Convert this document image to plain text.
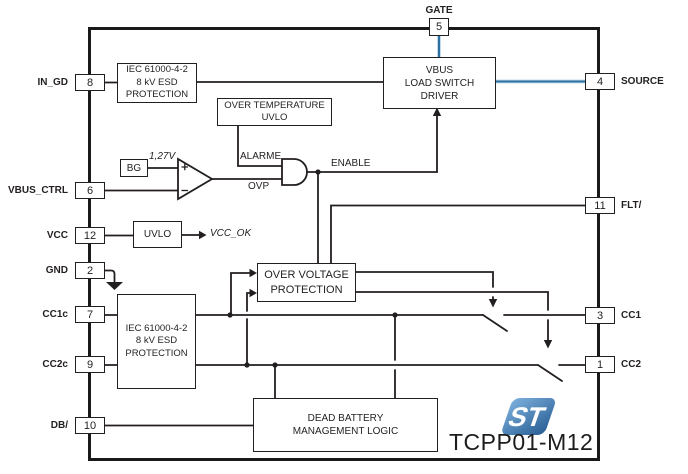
ST
IEC 61000-4-2
8 kV ESD
PROTECTION
OVER TEMPERATURE
UVLO
VBUS
LOAD SWITCH
DRIVER
BG
UVLO
OVER VOLTAGE
PROTECTION
IEC 61000-4-2
8 kV ESD
PROTECTION
DEAD BATTERY
MANAGEMENT LOGIC
GATE
5
8
6
12
2
7
9
10
IN_GD
VBUS_CTRL
VCC
GND
CC1c
CC2c
DB/
4
11
3
1
SOURCE
FLT/
CC1
CC2
1,27V	ALARME
OVP
ENABLE
VCC_OK
TCPP01-M12
